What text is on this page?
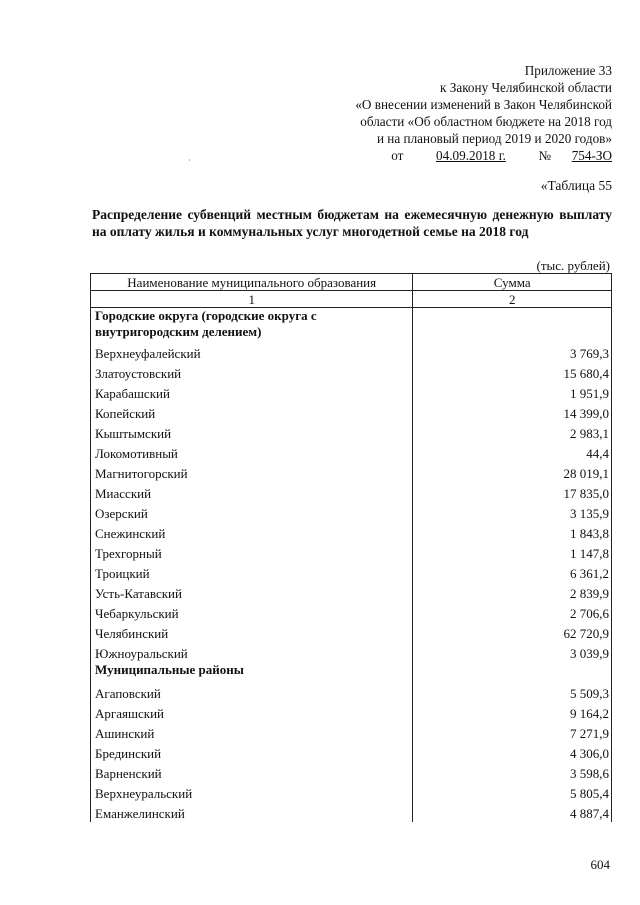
Приложение 33
к Закону Челябинской области
«О внесении изменений в Закон Челябинской
области «Об областном бюджете на 2018 год
и на плановый период 2019 и 2020 годов»
от 04.09.2018 г. № 754-ЗО
˙
«Таблица 55
Распределение субвенций местным бюджетам на ежемесячную денежную выплату на оплату жилья и коммунальных услуг многодетной семье на 2018 год
(тыс. рублей)
Наименование муниципального образования	Сумма
1	2
Городские округа (городские округа с внутригородским делением)	
Верхнеуфалейский	3 769,3
Златоустовский	15 680,4
Карабашский	1 951,9
Копейский	14 399,0
Кыштымский	2 983,1
Локомотивный	44,4
Магнитогорский	28 019,1
Миасский	17 835,0
Озерский	3 135,9
Снежинский	1 843,8
Трехгорный	1 147,8
Троицкий	6 361,2
Усть-Катавский	2 839,9
Чебаркульский	2 706,6
Челябинский	62 720,9
Южноуральский	3 039,9
Муниципальные районы	
Агаповский	5 509,3
Аргаяшский	9 164,2
Ашинский	7 271,9
Брединский	4 306,0
Варненский	3 598,6
Верхнеуральский	5 805,4
Еманжелинский	4 887,4
604
